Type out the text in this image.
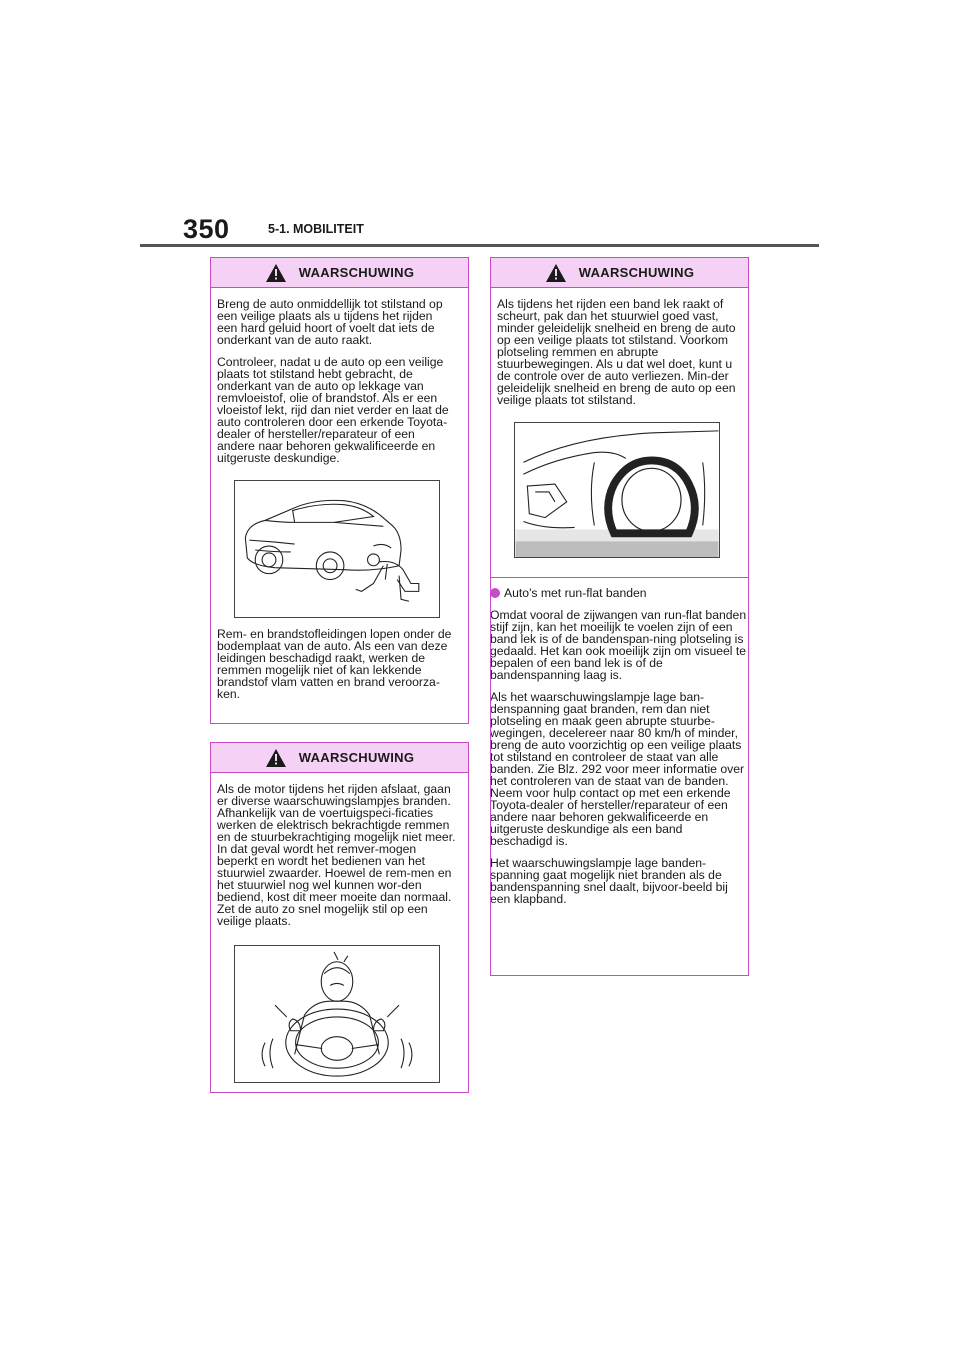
350	5-1. MOBILITEIT
WAARSCHUWING

Breng de auto onmiddellijk tot stilstand op een veilige plaats als u tijdens het rijden een hard geluid hoort of voelt dat iets de onderkant van de auto raakt.

Controleer, nadat u de auto op een veilige plaats tot stilstand hebt gebracht, de onderkant van de auto op lekkage van remvloeistof, olie of brandstof. Als er een vloeistof lekt, rijd dan niet verder en laat de auto controleren door een erkende Toyota-dealer of hersteller/reparateur of een andere naar behoren gekwalificeerde en uitgeruste deskundige.

Rem- en brandstofleidingen lopen onder de bodemplaat van de auto. Als een van deze leidingen beschadigd raakt, werken de remmen mogelijk niet of kan lekkende brandstof vlam vatten en brand veroorza-ken.

WAARSCHUWING

Als de motor tijdens het rijden afslaat, gaan er diverse waarschuwingslampjes branden. Afhankelijk van de voertuigspeci-ficaties werken de elektrisch bekrachtigde remmen en de stuurbekrachtiging mogelijk niet meer. In dat geval wordt het remver-mogen beperkt en wordt het bedienen van het stuurwiel zwaarder. Hoewel de rem-men en het stuurwiel nog wel kunnen wor-den bediend, kost dit meer moeite dan normaal. Zet de auto zo snel mogelijk stil op een veilige plaats.

WAARSCHUWING

Als tijdens het rijden een band lek raakt of scheurt, pak dan het stuurwiel goed vast, minder geleidelijk snelheid en breng de auto op een veilige plaats tot stilstand. Voorkom plotseling remmen en abrupte stuurbewegingen. Als u dat wel doet, kunt u de controle over de auto verliezen. Min-der geleidelijk snelheid en breng de auto op een veilige plaats tot stilstand.

Auto's met run-flat banden

Omdat vooral de zijwangen van run-flat banden stijf zijn, kan het moeilijk te voelen zijn of een band lek is of de bandenspan-ning plotseling is gedaald. Het kan ook moeilijk zijn om visueel te bepalen of een band lek is of de bandenspanning laag is.

Als het waarschuwingslampje lage ban-denspanning gaat branden, rem dan niet plotseling en maak geen abrupte stuurbe-wegingen, decelereer naar 80 km/h of minder, breng de auto voorzichtig op een veilige plaats tot stilstand en controleer de staat van alle banden. Zie Blz. 292 voor meer informatie over het controleren van de staat van de banden. Neem voor hulp contact op met een erkende Toyota-dealer of hersteller/reparateur of een andere naar behoren gekwalificeerde en uitgeruste deskundige als een band beschadigd is.

Het waarschuwingslampje lage banden-spanning gaat mogelijk niet branden als de bandenspanning snel daalt, bijvoor-beeld bij een klapband.
